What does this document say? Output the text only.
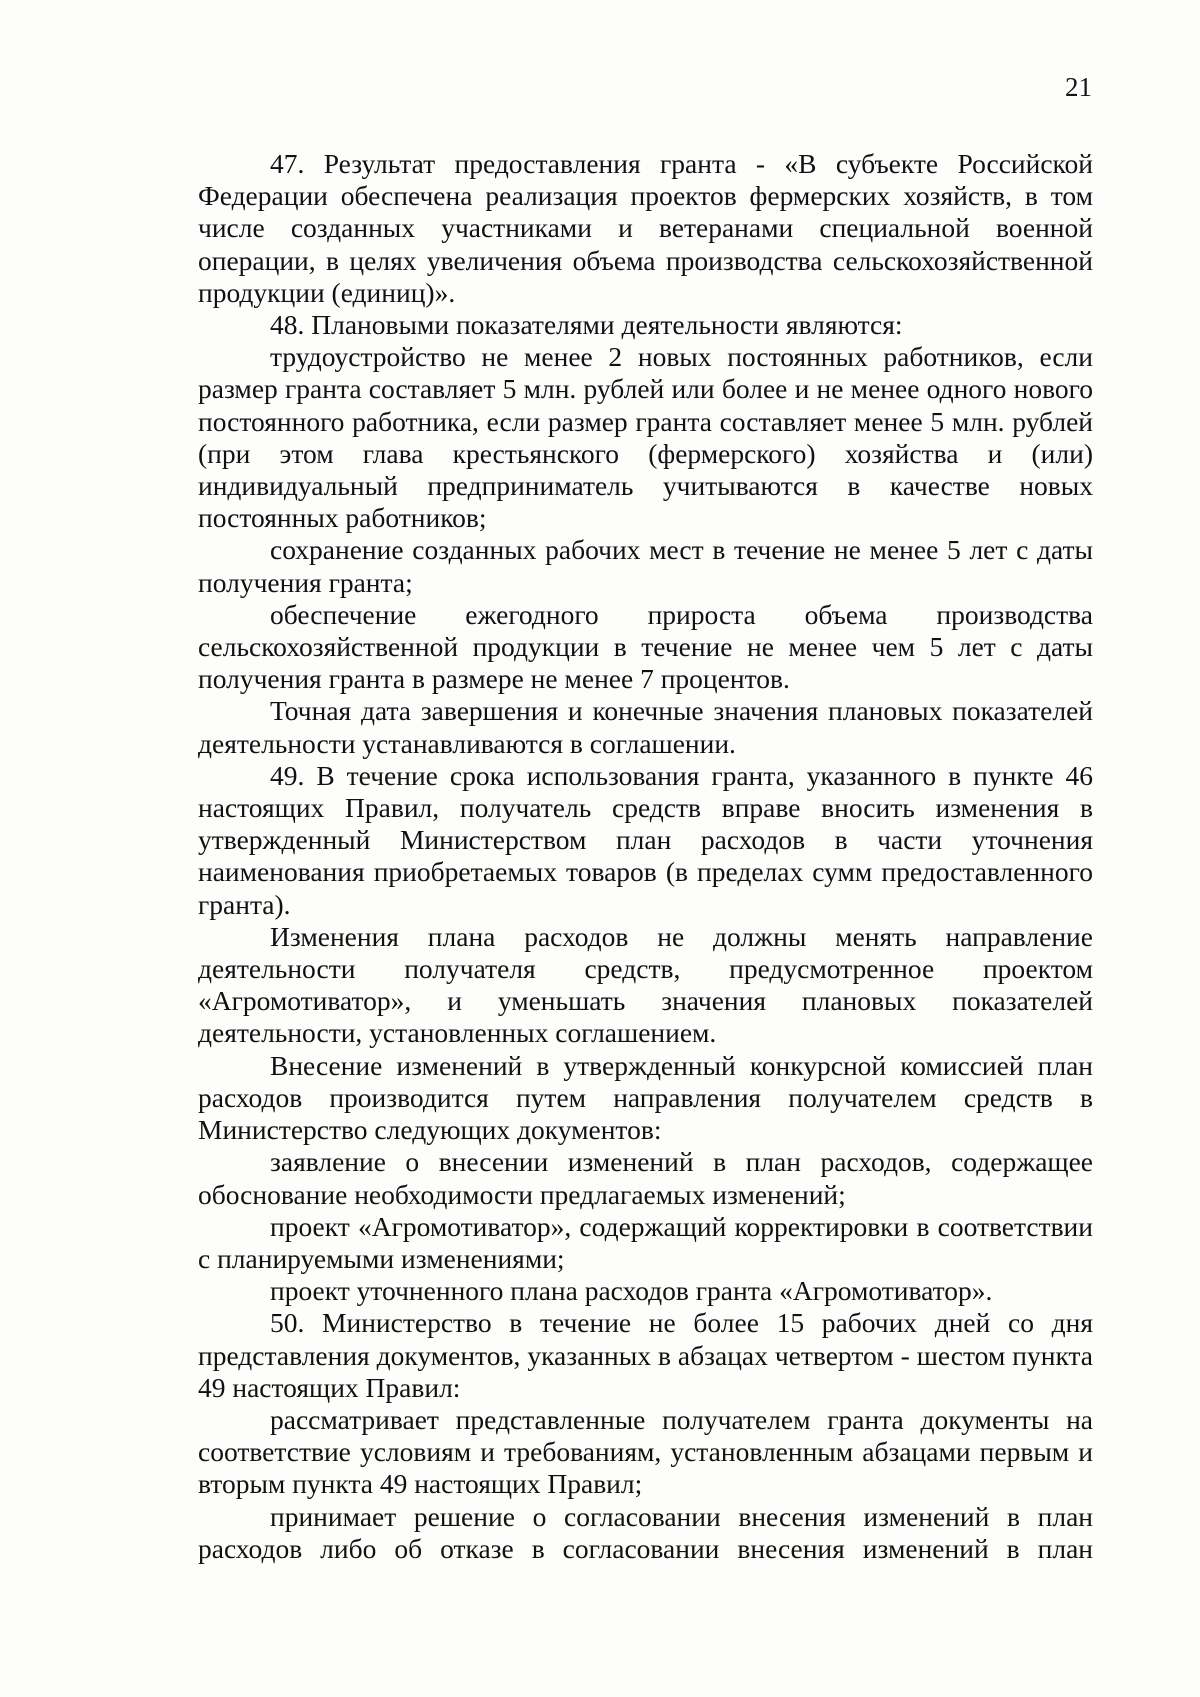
21

47. Результат предоставления гранта - «В субъекте Российской Федерации обеспечена реализация проектов фермерских хозяйств, в том числе созданных участниками и ветеранами специальной военной операции, в целях увеличения объема производства сельскохозяйственной продукции (единиц)».

48. Плановыми показателями деятельности являются:

трудоустройство не менее 2 новых постоянных работников, если размер гранта составляет 5 млн. рублей или более и не менее одного нового постоянного работника, если размер гранта составляет менее 5 млн. рублей (при этом глава крестьянского (фермерского) хозяйства и (или) индивидуальный предприниматель учитываются в качестве новых постоянных работников;

сохранение созданных рабочих мест в течение не менее 5 лет с даты получения гранта;

обеспечение ежегодного прироста объема производства сельскохозяйственной продукции в течение не менее чем 5 лет с даты получения гранта в размере не менее 7 процентов.

Точная дата завершения и конечные значения плановых показателей деятельности устанавливаются в соглашении.

49. В течение срока использования гранта, указанного в пункте 46 настоящих Правил, получатель средств вправе вносить изменения в утвержденный Министерством план расходов в части уточнения наименования приобретаемых товаров (в пределах сумм предоставленного гранта).

Изменения плана расходов не должны менять направление деятельности получателя средств, предусмотренное проектом «Агромотиватор», и уменьшать значения плановых показателей деятельности, установленных соглашением.

Внесение изменений в утвержденный конкурсной комиссией план расходов производится путем направления получателем средств в Министерство следующих документов:

заявление о внесении изменений в план расходов, содержащее обоснование необходимости предлагаемых изменений;

проект «Агромотиватор», содержащий корректировки в соответствии с планируемыми изменениями;

проект уточненного плана расходов гранта «Агромотиватор».

50. Министерство в течение не более 15 рабочих дней со дня представления документов, указанных в абзацах четвертом - шестом пункта 49 настоящих Правил:

рассматривает представленные получателем гранта документы на соответствие условиям и требованиям, установленным абзацами первым и вторым пункта 49 настоящих Правил;

принимает решение о согласовании внесения изменений в план расходов либо об отказе в согласовании внесения изменений в план
